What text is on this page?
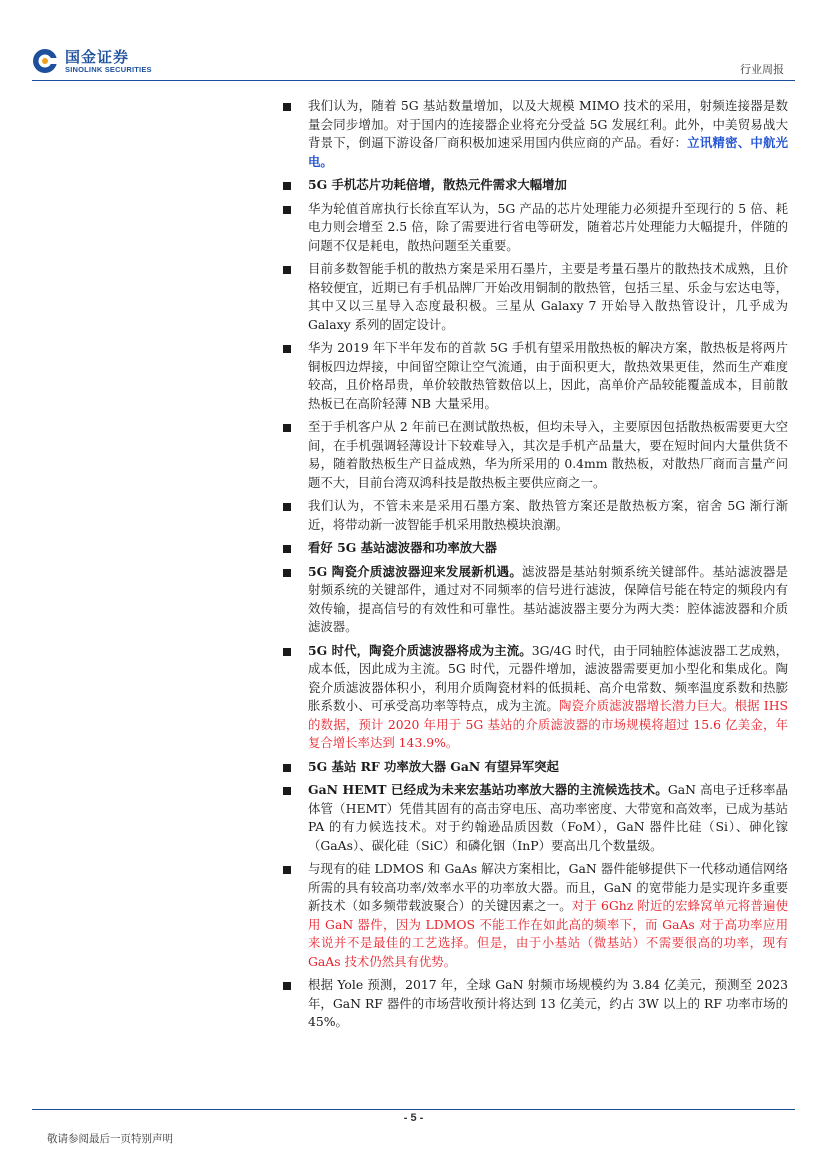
国金证券
SINOLINK SECURITIES	行业周报
我们认为，随着 5G 基站数量增加，以及大规模 MIMO 技术的采用，射频连接器是数量会同步增加。对于国内的连接器企业将充分受益 5G 发展红利。此外，中美贸易战大背景下，倒逼下游设备厂商积极加速采用国内供应商的产品。看好：立讯精密、中航光电。
5G 手机芯片功耗倍增，散热元件需求大幅增加
华为轮值首席执行长徐直军认为，5G 产品的芯片处理能力必须提升至现行的 5 倍、耗电力则会增至 2.5 倍，除了需要进行省电等研发，随着芯片处理能力大幅提升，伴随的问题不仅是耗电，散热问题至关重要。
目前多数智能手机的散热方案是采用石墨片，主要是考量石墨片的散热技术成熟，且价格较便宜，近期已有手机品牌厂开始改用铜制的散热管，包括三星、乐金与宏达电等，其中又以三星导入态度最积极。三星从 Galaxy 7 开始导入散热管设计，几乎成为 Galaxy 系列的固定设计。
华为 2019 年下半年发布的首款 5G 手机有望采用散热板的解决方案，散热板是将两片铜板四边焊接，中间留空隙让空气流通，由于面积更大，散热效果更佳，然而生产难度较高，且价格昂贵，单价较散热管数倍以上，因此，高单价产品较能覆盖成本，目前散热板已在高阶轻薄 NB 大量采用。
至于手机客户从 2 年前已在测试散热板，但均未导入，主要原因包括散热板需要更大空间，在手机强调轻薄设计下较难导入，其次是手机产品量大，要在短时间内大量供货不易，随着散热板生产日益成熟，华为所采用的 0.4mm 散热板，对散热厂商而言量产问题不大，目前台湾双鸿科技是散热板主要供应商之一。
我们认为，不管未来是采用石墨方案、散热管方案还是散热板方案，宿舍 5G 渐行渐近，将带动新一波智能手机采用散热模块浪潮。
看好 5G 基站滤波器和功率放大器
5G 陶瓷介质滤波器迎来发展新机遇。滤波器是基站射频系统关键部件。基站滤波器是射频系统的关键部件，通过对不同频率的信号进行滤波，保障信号能在特定的频段内有效传输，提高信号的有效性和可靠性。基站滤波器主要分为两大类：腔体滤波器和介质滤波器。
5G 时代，陶瓷介质滤波器将成为主流。3G/4G 时代，由于同轴腔体滤波器工艺成熟，成本低，因此成为主流。5G 时代，元器件增加，滤波器需要更加小型化和集成化。陶瓷介质滤波器体积小，利用介质陶瓷材料的低损耗、高介电常数、频率温度系数和热膨胀系数小、可承受高功率等特点，成为主流。陶瓷介质滤波器增长潜力巨大。根据 IHS 的数据，预计 2020 年用于 5G 基站的介质滤波器的市场规模将超过 15.6 亿美金，年复合增长率达到 143.9%。
5G 基站 RF 功率放大器 GaN 有望异军突起
GaN HEMT 已经成为未来宏基站功率放大器的主流候选技术。GaN 高电子迁移率晶体管（HEMT）凭借其固有的高击穿电压、高功率密度、大带宽和高效率，已成为基站 PA 的有力候选技术。对于约翰逊品质因数（FoM），GaN 器件比硅（Si）、砷化镓（GaAs）、碳化硅（SiC）和磷化铟（InP）要高出几个数量级。
与现有的硅 LDMOS 和 GaAs 解决方案相比，GaN 器件能够提供下一代移动通信网络所需的具有较高功率/效率水平的功率放大器。而且，GaN 的宽带能力是实现许多重要新技术（如多频带载波聚合）的关键因素之一。对于 6Ghz 附近的宏蜂窝单元将普遍使用 GaN 器件，因为 LDMOS 不能工作在如此高的频率下，而 GaAs 对于高功率应用来说并不是最佳的工艺选择。但是，由于小基站（微基站）不需要很高的功率，现有 GaAs 技术仍然具有优势。
根据 Yole 预测，2017 年，全球 GaN 射频市场规模约为 3.84 亿美元，预测至 2023 年，GaN RF 器件的市场营收预计将达到 13 亿美元，约占 3W 以上的 RF 功率市场的 45%。
- 5 -
敬请参阅最后一页特别声明
